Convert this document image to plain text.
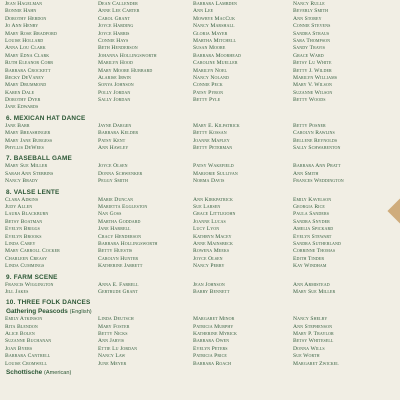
Jean Hagelman	Dean Callender	Barbara Lambden	Nancy Rulle
Bonnie Hahn	Anne Lee Carter	Ann Lee	Beverly Smith
Dorothy Hebdon	Carol Grant	Mowrye MacCuk	Ann Storey
Jo Ann Henry	Joyce Harding	Nancy Marshall	Connie Stevens
Mary Rose Bradford	Joyce Harris	Gloria Mayer	Sandra Straus
Louise Hollard	Connie Hays	Martha Mitchell	Sara Thompson
Anna Lou Clark	Beth Henderson	Susan Moore	Sandy Travis
Mary Edna Clark	Johanna Hollingsworth	Barbara Moorhead	Grace Ward
Ruth Eleanor Cobb	Marilyn Hood	Caroline Mueller	Betsy Lu White
Barbara Crockett	Mary Moore Hubbard	Marilyn Noel	Betty J. Wilder
Becky DeVaney	Alarise Irwin	Nancy Noland	Marilyn Williams
Mary Drummond	Sonya Johnson	Connie Peck	Mary V. Wilson
Karen Dale	Polly Jordan	Patsy Pyron	Suzanne Wilson
Dorothy Dyer	Sally Jordan	Betty Pyle	Betty Woods
Jane Edwards
6. MEXICAN HAT DANCE
Jane Barr	Jayne Dargen	Mary E. Kilpatrick	Betty Posner
Mary Breashinger	Barbara Kelder	Betty Kossan	Carolyn Rawlins
Mary Jane Burgess	Patsy Kent	Joanne Mapley	Bellene Reynolds
Phyllis DeWees	Ann Hawley	Betty Peterman	Sally Schwabenton
7. BASEBALL GAME
Mary Sue Miller	Joyce Olsen	Patsy Wakefield	Barbara Ann Pratt
Sarah Ann Stebbins	Donna Schwenker	Marjorie Sullivan	Ann Smith
Nancy Brady	Peggy Smith	Norma Davis	Frances Weddington
8. VALSE LENTE
Clara Adkins	Marie Duncan	Ann Kirkpatrick	Emily Kavelson
Judy Allen	Marietta Eggleston	Sue Larsen	Georgia Rice
Laura Blackburn	Nan Goss	Grace Littlejohn	Paula Sanders
Betsy Boatman	Martha Goddard	Joanne Lucas	Sandra Snyder
Evelyn Briggs	Jane Harrell	Lucy Lyon	Amelia Spickard
Evelyn Brooks	Cracy Henderson	Kathryn Macey	Evelyn Stewart
Linda Carey	Barbara Hollingsworth	Anne Mainsbeck	Sandra Sutherland
Mary Carroll Cocker	Betty Huestis	Rowena Meeks	Corrinne Thomas
Charleen Creasy	Carolyn Hunter	Joyce Olsen	Edith Tinder
Linda Cummings	Katherine Jarrett	Nancy Perry	Kay Windham
9. FARM SCENE
Francis Wiggington	Anna E. Farrell	Jean Johnson	Ann Armistead
Jill Jakes	Gertrude Grant	Barry Bennett	Mary Sue Miller
10. THREE FOLK DANCES
Gathering Peascods (English)
Emily Atkinson	Linda Deutsch	Margaret Minor	Nancy Shelby
Rita Blendon	Mary Foster	Patricia Murphy	Ann Stephenson
Alice Bolen	Betty Nicks	Katherine Myrick	Mary P. Traylor
Suzanne Buchanan	Ann Jarvis	Barbara Owen	Betsy Whitesell
Joan Byers	Ettie Lu Jordan	Evelyn Peters	Donna Wills
Barbara Cantrell	Nancy Law	Patricia Price	Sue Worth
Louise Cromwell	June Meyer	Barbara Roach	Margaret Zwickel
Schottische (American)
